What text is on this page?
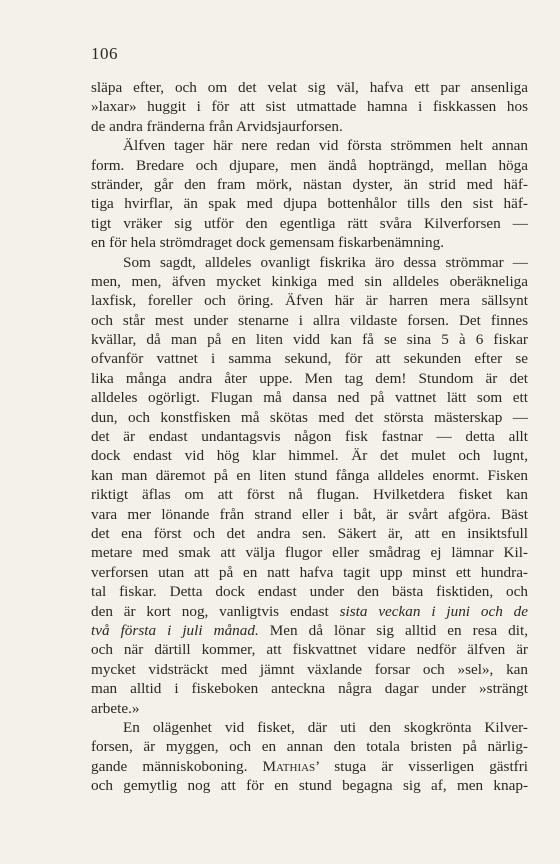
106
släpa efter, och om det velat sig väl, hafva ett par ansenliga
»laxar» huggit i för att sist utmattade hamna i fiskkassen hos
de andra fränderna från Arvidsjaurforsen.
Älfven tager här nere redan vid första strömmen helt annan
form. Bredare och djupare, men ändå hopträngd, mellan höga
stränder, går den fram mörk, nästan dyster, än strid med häf-
tiga hvirflar, än spak med djupa bottenhålor tills den sist häf-
tigt vräker sig utför den egentliga rätt svåra Kilverforsen —
en för hela strömdraget dock gemensam fiskarbenämning.
Som sagdt, alldeles ovanligt fiskrika äro dessa strömmar —
men, men, äfven mycket kinkiga med sin alldeles oberäkneliga
laxfisk, foreller och öring. Äfven här är harren mera sällsynt
och står mest under stenarne i allra vildaste forsen. Det finnes
kvällar, då man på en liten vidd kan få se sina 5 à 6 fiskar
ofvanför vattnet i samma sekund, för att sekunden efter se
lika många andra åter uppe. Men tag dem! Stundom är det
alldeles ogörligt. Flugan må dansa ned på vattnet lätt som ett
dun, och konstfisken må skötas med det största mästerskap —
det är endast undantagsvis någon fisk fastnar — detta allt
dock endast vid hög klar himmel. Är det mulet och lugnt,
kan man däremot på en liten stund fånga alldeles enormt. Fisken
riktigt äflas om att först nå flugan. Hvilketdera fisket kan
vara mer lönande från strand eller i båt, är svårt afgöra. Bäst
det ena först och det andra sen. Säkert är, att en insiktsfull
metare med smak att välja flugor eller smådrag ej lämnar Kil-
verforsen utan att på en natt hafva tagit upp minst ett hundra-
tal fiskar. Detta dock endast under den bästa fisktiden, och
den är kort nog, vanligtvis endast sista veckan i juni och de
två första i juli månad. Men då lönar sig alltid en resa dit,
och när därtill kommer, att fiskvattnet vidare nedför älfven är
mycket vidsträckt med jämnt växlande forsar och »sel», kan
man alltid i fiskeboken anteckna några dagar under »strängt
arbete.»
En olägenhet vid fisket, där uti den skogkrönta Kilver-
forsen, är myggen, och en annan den totala bristen på närlig-
gande människoboning. Mathias’ stuga är visserligen gästfri
och gemytlig nog att för en stund begagna sig af, men knap-
